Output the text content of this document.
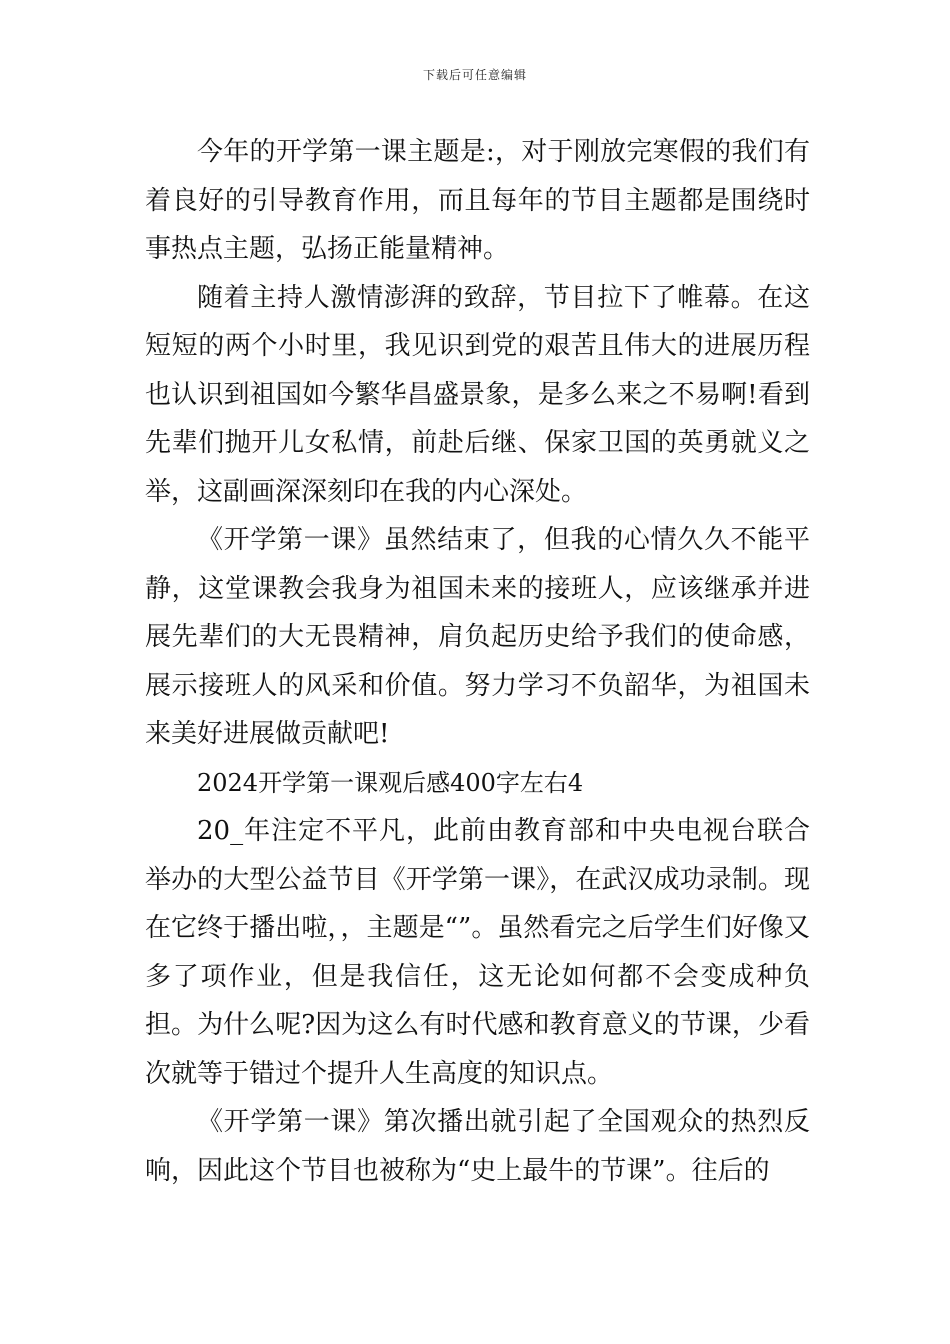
下载后可任意编辑

今年的开学第一课主题是:，对于刚放完寒假的我们有着良好的引导教育作用，而且每年的节目主题都是围绕时事热点主题，弘扬正能量精神。

随着主持人激情澎湃的致辞，节目拉下了帷幕。在这短短的两个小时里，我见识到党的艰苦且伟大的进展历程也认识到祖国如今繁华昌盛景象，是多么来之不易啊!看到先辈们抛开儿女私情，前赴后继、保家卫国的英勇就义之举，这副画深深刻印在我的内心深处。

《开学第一课》虽然结束了，但我的心情久久不能平静，这堂课教会我身为祖国未来的接班人，应该继承并进展先辈们的大无畏精神，肩负起历史给予我们的使命感，展示接班人的风采和价值。努力学习不负韶华，为祖国未来美好进展做贡献吧!

2024开学第一课观后感400字左右4

20_年注定不平凡，此前由教育部和中央电视台联合举办的大型公益节目《开学第一课》，在武汉成功录制。现在它终于播出啦，，主题是“”。虽然看完之后学生们好像又多了项作业，但是我信任，这无论如何都不会变成种负担。为什么呢?因为这么有时代感和教育意义的节课，少看次就等于错过个提升人生高度的知识点。

《开学第一课》第次播出就引起了全国观众的热烈反响，因此这个节目也被称为“史上最牛的节课”。往后的
